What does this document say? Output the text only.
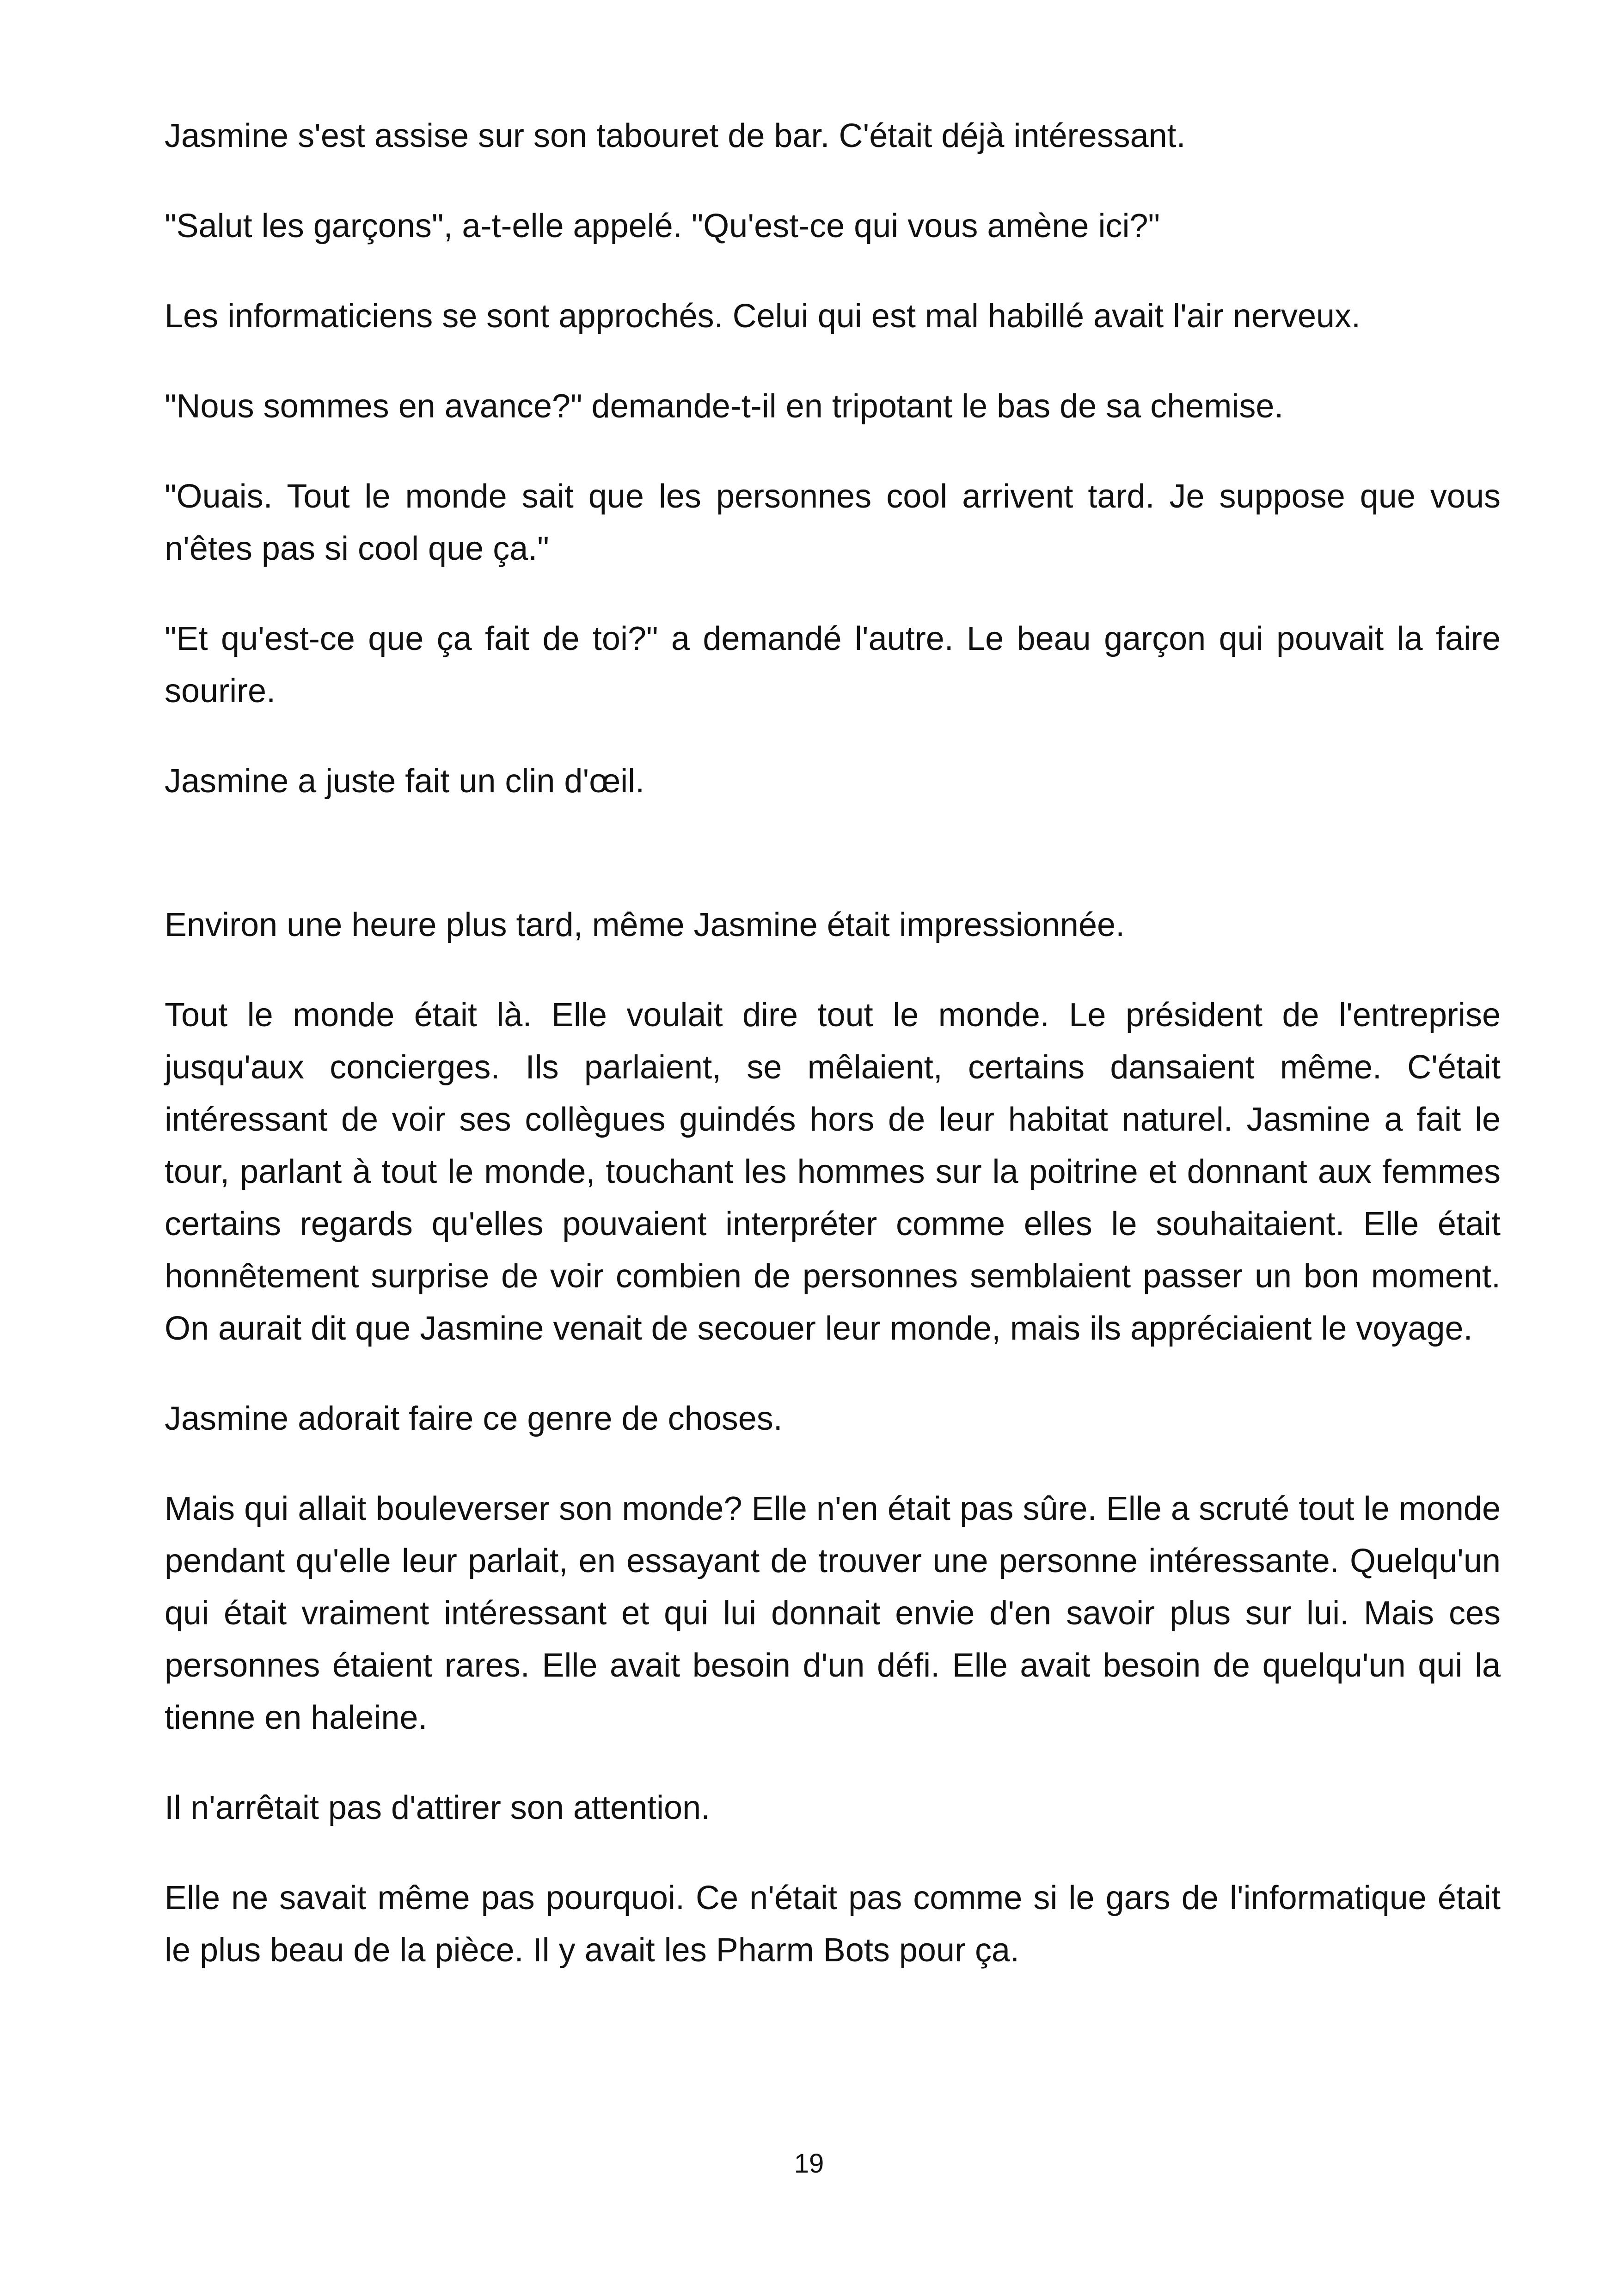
Jasmine s'est assise sur son tabouret de bar. C'était déjà intéressant.

"Salut les garçons", a-t-elle appelé. "Qu'est-ce qui vous amène ici?"

Les informaticiens se sont approchés. Celui qui est mal habillé avait l'air nerveux.

"Nous sommes en avance?" demande-t-il en tripotant le bas de sa chemise.

"Ouais. Tout le monde sait que les personnes cool arrivent tard. Je suppose que vous n'êtes pas si cool que ça."

"Et qu'est-ce que ça fait de toi?" a demandé l'autre. Le beau garçon qui pouvait la faire sourire.

Jasmine a juste fait un clin d'œil.

Environ une heure plus tard, même Jasmine était impressionnée.

Tout le monde était là. Elle voulait dire tout le monde. Le président de l'entreprise jusqu'aux concierges. Ils parlaient, se mêlaient, certains dansaient même. C'était intéressant de voir ses collègues guindés hors de leur habitat naturel. Jasmine a fait le tour, parlant à tout le monde, touchant les hommes sur la poitrine et donnant aux femmes certains regards qu'elles pouvaient interpréter comme elles le souhaitaient. Elle était honnêtement surprise de voir combien de personnes semblaient passer un bon moment. On aurait dit que Jasmine venait de secouer leur monde, mais ils appréciaient le voyage.

Jasmine adorait faire ce genre de choses.

Mais qui allait bouleverser son monde? Elle n'en était pas sûre. Elle a scruté tout le monde pendant qu'elle leur parlait, en essayant de trouver une personne intéressante. Quelqu'un qui était vraiment intéressant et qui lui donnait envie d'en savoir plus sur lui. Mais ces personnes étaient rares. Elle avait besoin d'un défi. Elle avait besoin de quelqu'un qui la tienne en haleine.

Il n'arrêtait pas d'attirer son attention.

Elle ne savait même pas pourquoi. Ce n'était pas comme si le gars de l'informatique était le plus beau de la pièce. Il y avait les Pharm Bots pour ça.

19
